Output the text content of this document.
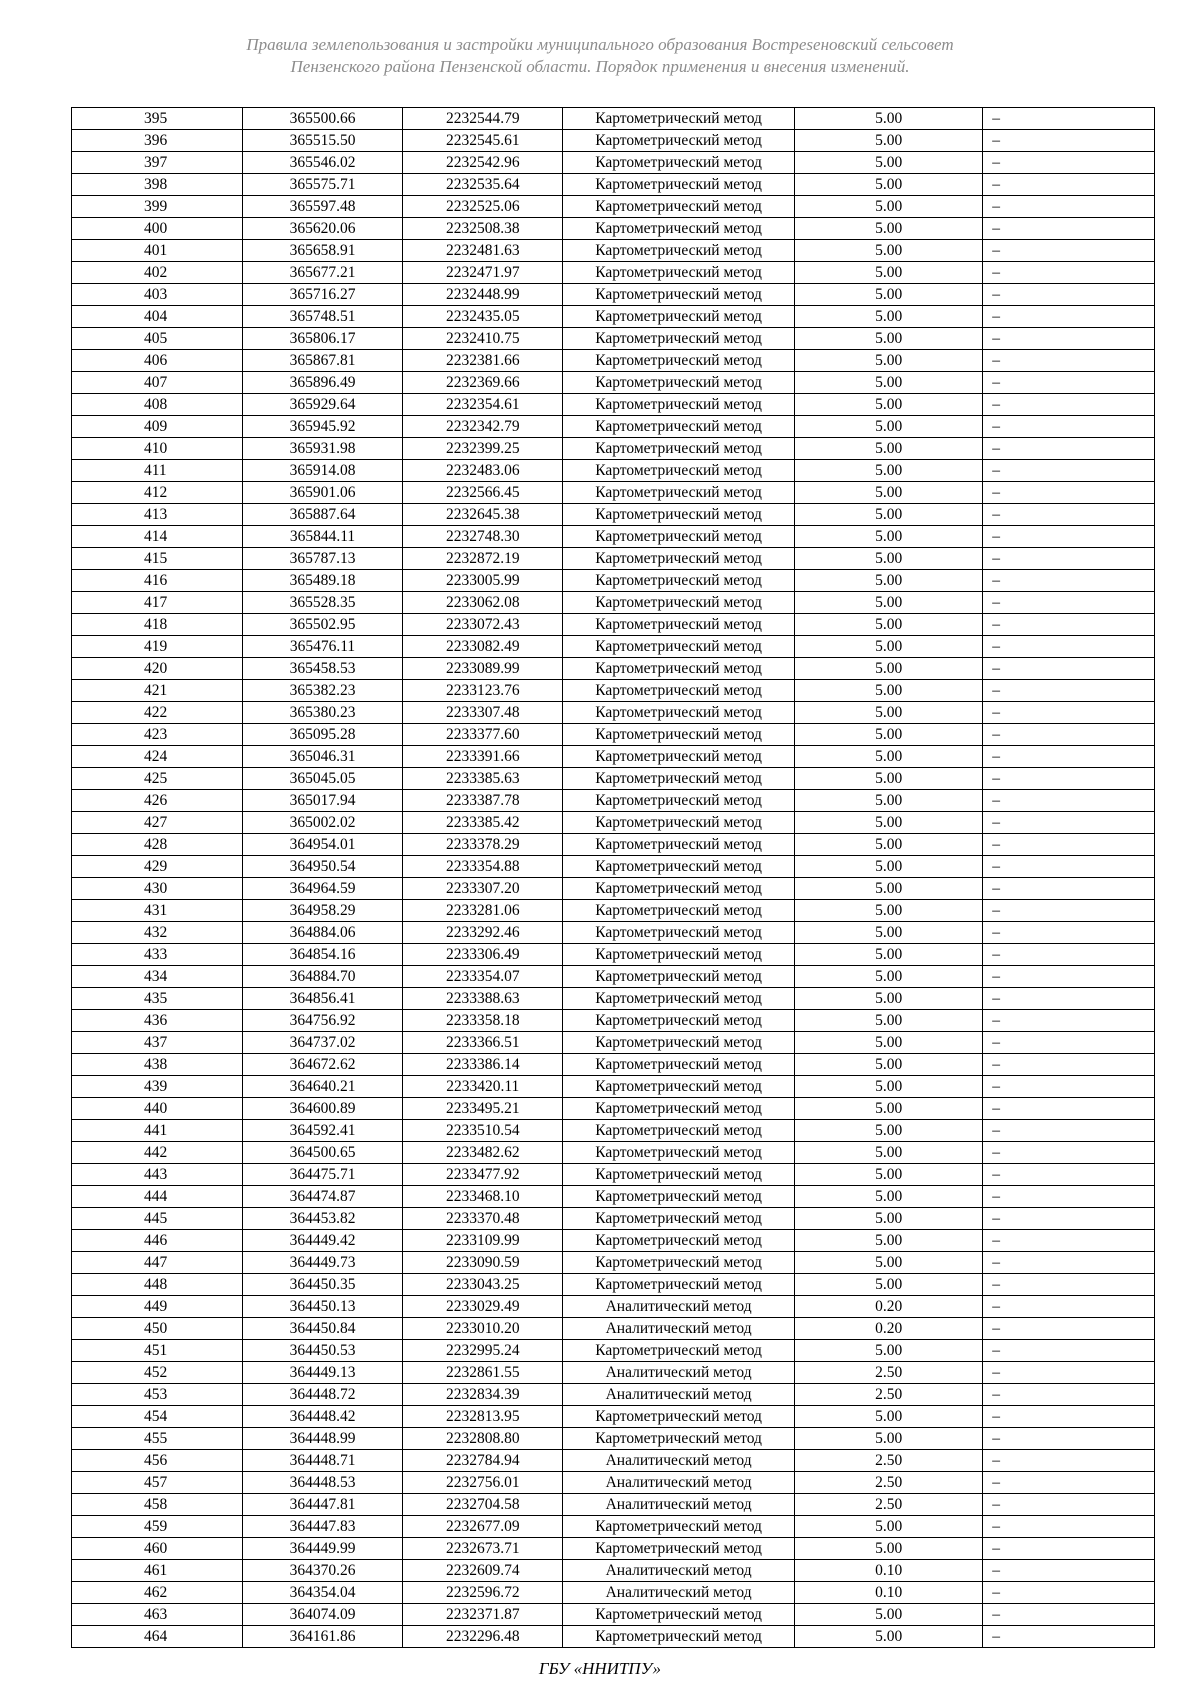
Правила землепользования и застройки муниципального образования Вострesеновский сельсовет
Пензенского района Пензенской области. Порядок применения и внесения изменений.
395	365500.66	2232544.79	Картометрический метод	5.00	–
396	365515.50	2232545.61	Картометрический метод	5.00	–
397	365546.02	2232542.96	Картометрический метод	5.00	–
398	365575.71	2232535.64	Картометрический метод	5.00	–
399	365597.48	2232525.06	Картометрический метод	5.00	–
400	365620.06	2232508.38	Картометрический метод	5.00	–
401	365658.91	2232481.63	Картометрический метод	5.00	–
402	365677.21	2232471.97	Картометрический метод	5.00	–
403	365716.27	2232448.99	Картометрический метод	5.00	–
404	365748.51	2232435.05	Картометрический метод	5.00	–
405	365806.17	2232410.75	Картометрический метод	5.00	–
406	365867.81	2232381.66	Картометрический метод	5.00	–
407	365896.49	2232369.66	Картометрический метод	5.00	–
408	365929.64	2232354.61	Картометрический метод	5.00	–
409	365945.92	2232342.79	Картометрический метод	5.00	–
410	365931.98	2232399.25	Картометрический метод	5.00	–
411	365914.08	2232483.06	Картометрический метод	5.00	–
412	365901.06	2232566.45	Картометрический метод	5.00	–
413	365887.64	2232645.38	Картометрический метод	5.00	–
414	365844.11	2232748.30	Картометрический метод	5.00	–
415	365787.13	2232872.19	Картометрический метод	5.00	–
416	365489.18	2233005.99	Картометрический метод	5.00	–
417	365528.35	2233062.08	Картометрический метод	5.00	–
418	365502.95	2233072.43	Картометрический метод	5.00	–
419	365476.11	2233082.49	Картометрический метод	5.00	–
420	365458.53	2233089.99	Картометрический метод	5.00	–
421	365382.23	2233123.76	Картометрический метод	5.00	–
422	365380.23	2233307.48	Картометрический метод	5.00	–
423	365095.28	2233377.60	Картометрический метод	5.00	–
424	365046.31	2233391.66	Картометрический метод	5.00	–
425	365045.05	2233385.63	Картометрический метод	5.00	–
426	365017.94	2233387.78	Картометрический метод	5.00	–
427	365002.02	2233385.42	Картометрический метод	5.00	–
428	364954.01	2233378.29	Картометрический метод	5.00	–
429	364950.54	2233354.88	Картометрический метод	5.00	–
430	364964.59	2233307.20	Картометрический метод	5.00	–
431	364958.29	2233281.06	Картометрический метод	5.00	–
432	364884.06	2233292.46	Картометрический метод	5.00	–
433	364854.16	2233306.49	Картометрический метод	5.00	–
434	364884.70	2233354.07	Картометрический метод	5.00	–
435	364856.41	2233388.63	Картометрический метод	5.00	–
436	364756.92	2233358.18	Картометрический метод	5.00	–
437	364737.02	2233366.51	Картометрический метод	5.00	–
438	364672.62	2233386.14	Картометрический метод	5.00	–
439	364640.21	2233420.11	Картометрический метод	5.00	–
440	364600.89	2233495.21	Картометрический метод	5.00	–
441	364592.41	2233510.54	Картометрический метод	5.00	–
442	364500.65	2233482.62	Картометрический метод	5.00	–
443	364475.71	2233477.92	Картометрический метод	5.00	–
444	364474.87	2233468.10	Картометрический метод	5.00	–
445	364453.82	2233370.48	Картометрический метод	5.00	–
446	364449.42	2233109.99	Картометрический метод	5.00	–
447	364449.73	2233090.59	Картометрический метод	5.00	–
448	364450.35	2233043.25	Картометрический метод	5.00	–
449	364450.13	2233029.49	Аналитический метод	0.20	–
450	364450.84	2233010.20	Аналитический метод	0.20	–
451	364450.53	2232995.24	Картометрический метод	5.00	–
452	364449.13	2232861.55	Аналитический метод	2.50	–
453	364448.72	2232834.39	Аналитический метод	2.50	–
454	364448.42	2232813.95	Картометрический метод	5.00	–
455	364448.99	2232808.80	Картометрический метод	5.00	–
456	364448.71	2232784.94	Аналитический метод	2.50	–
457	364448.53	2232756.01	Аналитический метод	2.50	–
458	364447.81	2232704.58	Аналитический метод	2.50	–
459	364447.83	2232677.09	Картометрический метод	5.00	–
460	364449.99	2232673.71	Картометрический метод	5.00	–
461	364370.26	2232609.74	Аналитический метод	0.10	–
462	364354.04	2232596.72	Аналитический метод	0.10	–
463	364074.09	2232371.87	Картометрический метод	5.00	–
464	364161.86	2232296.48	Картометрический метод	5.00	–
ГБУ «ННИТПУ»
